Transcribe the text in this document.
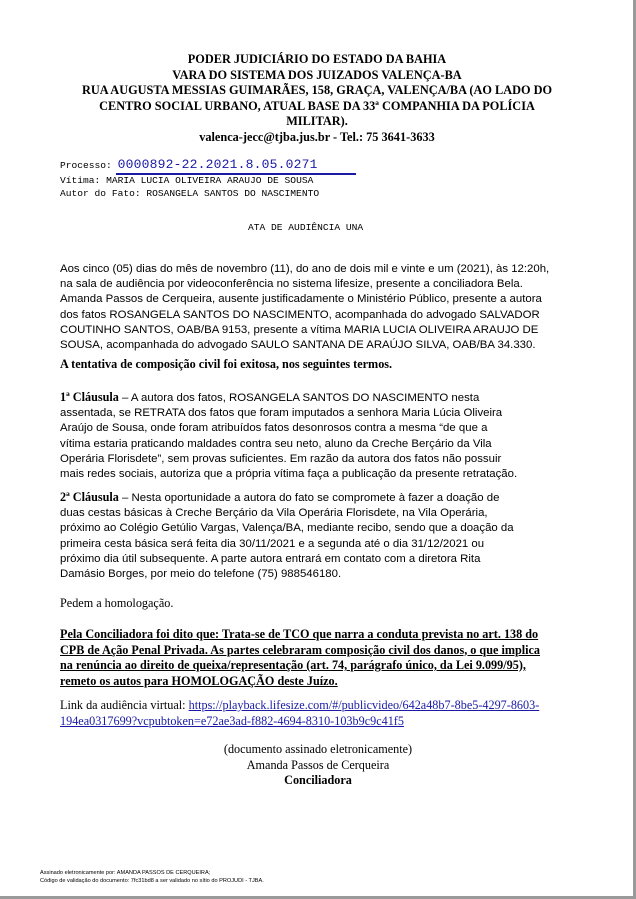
PODER JUDICIÁRIO DO ESTADO DA BAHIA
VARA DO SISTEMA DOS JUIZADOS VALENÇA-BA
RUA AUGUSTA MESSIAS GUIMARÃES, 158, GRAÇA, VALENÇA/BA (AO LADO DO
CENTRO SOCIAL URBANO, ATUAL BASE DA 33ª COMPANHIA DA POLÍCIA
MILITAR).
valenca-jecc@tjba.jus.br - Tel.: 75 3641-3633
Processo: 0000892-22.2021.8.05.0271
Vítima: MARIA LUCIA OLIVEIRA ARAUJO DE SOUSA
Autor do Fato: ROSANGELA SANTOS DO NASCIMENTO
ATA DE AUDIÊNCIA UNA
Aos cinco (05) dias do mês de novembro (11), do ano de dois mil e vinte e um (2021), às 12:20h,
na sala de audiência por videoconferência no sistema lifesize, presente a conciliadora Bela.
Amanda Passos de Cerqueira, ausente justificadamente o Ministério Público, presente a autora
dos fatos ROSANGELA SANTOS DO NASCIMENTO, acompanhada do advogado SALVADOR
COUTINHO SANTOS, OAB/BA 9153, presente a vítima MARIA LUCIA OLIVEIRA ARAUJO DE
SOUSA, acompanhada do advogado SAULO SANTANA DE ARAÚJO SILVA, OAB/BA 34.330.
A tentativa de composição civil foi exitosa, nos seguintes termos.
1ª Cláusula – A autora dos fatos, ROSANGELA SANTOS DO NASCIMENTO nesta
assentada, se RETRATA dos fatos que foram imputados a senhora Maria Lúcia Oliveira
Araújo de Sousa, onde foram atribuídos fatos desonrosos contra a mesma “de que a
vítima estaria praticando maldades contra seu neto, aluno da Creche Berçário da Vila
Operária Florisdete”, sem provas suficientes. Em razão da autora dos fatos não possuir
mais redes sociais, autoriza que a própria vítima faça a publicação da presente retratação.
2ª Cláusula – Nesta oportunidade a autora do fato se compromete à fazer a doação de
duas cestas básicas à Creche Berçário da Vila Operária Florisdete, na Vila Operária,
próximo ao Colégio Getúlio Vargas, Valença/BA, mediante recibo, sendo que a doação da
primeira cesta básica será feita dia 30/11/2021 e a segunda até o dia 31/12/2021 ou
próximo dia útil subsequente. A parte autora entrará em contato com a diretora Rita
Damásio Borges, por meio do telefone (75) 988546180.
Pedem a homologação.
Pela Conciliadora foi dito que: Trata-se de TCO que narra a conduta prevista no art. 138 do
CPB de Ação Penal Privada. As partes celebraram composição civil dos danos, o que implica
na renúncia ao direito de queixa/representação (art. 74, parágrafo único, da Lei 9.099/95),
remeto os autos para HOMOLOGAÇÃO deste Juízo.
Link da audiência virtual: https://playback.lifesize.com/#/publicvideo/642a48b7-8be5-4297-8603-
194ea0317699?vcpubtoken=e72ae3ad-f882-4694-8310-103b9c9c41f5
(documento assinado eletronicamente)
Amanda Passos de Cerqueira
Conciliadora
Assinado eletronicamente por: AMANDA PASSOS DE CERQUEIRA;
Código de validação do documento: 7fc31bd8 a ser validado no sítio do PROJUDI - TJBA.
